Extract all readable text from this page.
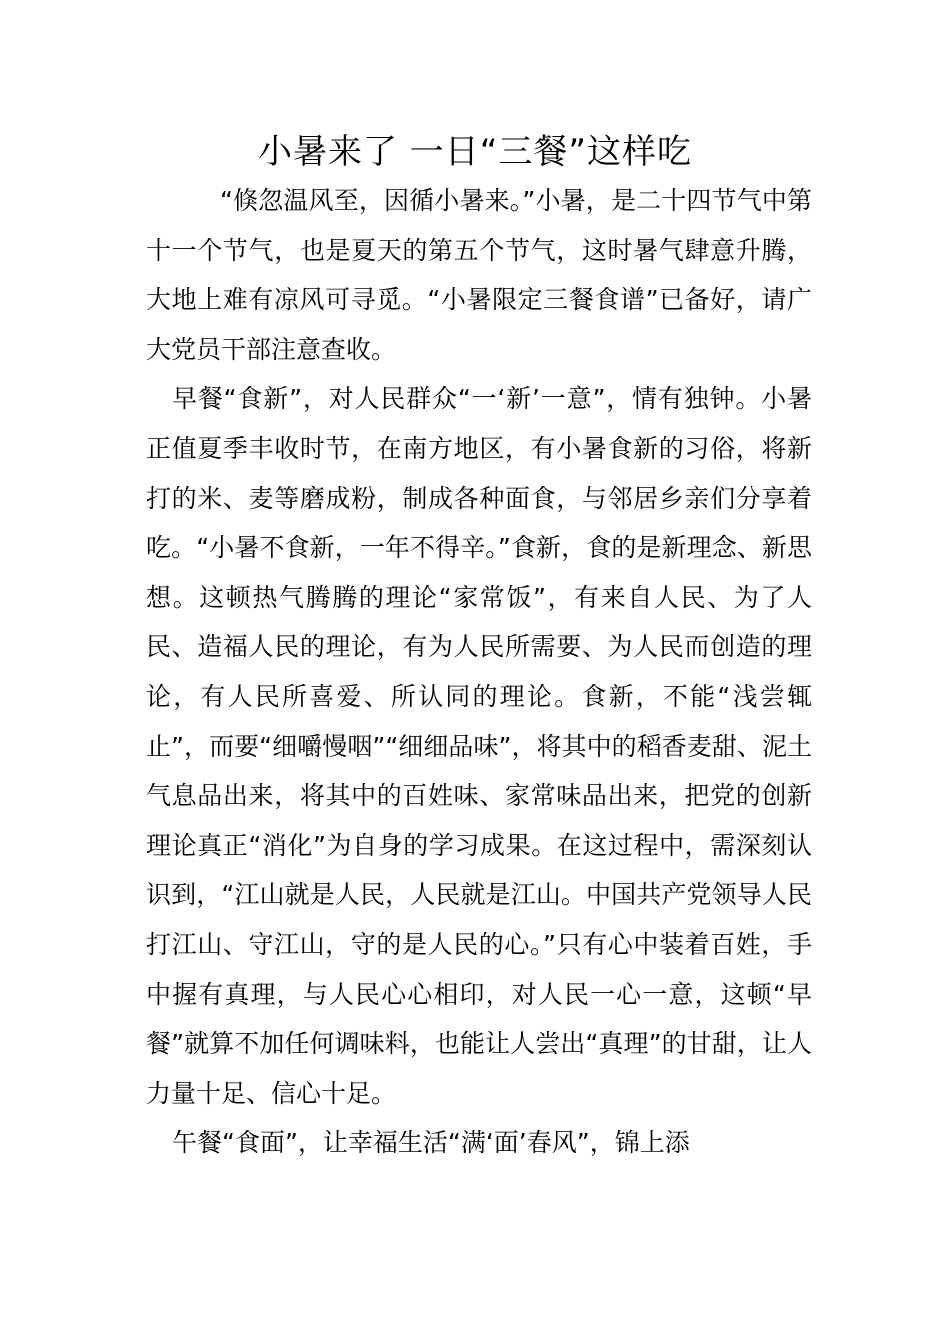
小暑来了 一日“三餐”这样吃

“倏忽温风至，因循小暑来。”小暑，是二十四节气中第十一个节气，也是夏天的第五个节气，这时暑气肆意升腾，大地上难有凉风可寻觅。“小暑限定三餐食谱”已备好，请广大党员干部注意查收。

早餐“食新”，对人民群众“一‘新’一意”，情有独钟。小暑正值夏季丰收时节，在南方地区，有小暑食新的习俗，将新打的米、麦等磨成粉，制成各种面食，与邻居乡亲们分享着吃。“小暑不食新，一年不得辛。”食新，食的是新理念、新思想。这顿热气腾腾的理论“家常饭”，有来自人民、为了人民、造福人民的理论，有为人民所需要、为人民而创造的理论，有人民所喜爱、所认同的理论。食新，不能“浅尝辄止”，而要“细嚼慢咽”“细细品味”，将其中的稻香麦甜、泥土气息品出来，将其中的百姓味、家常味品出来，把党的创新理论真正“消化”为自身的学习成果。在这过程中，需深刻认识到，“江山就是人民，人民就是江山。中国共产党领导人民打江山、守江山，守的是人民的心。”只有心中装着百姓，手中握有真理，与人民心心相印，对人民一心一意，这顿“早餐”就算不加任何调味料，也能让人尝出“真理”的甘甜，让人力量十足、信心十足。

午餐“食面”，让幸福生活“满‘面’春风”，锦上添
